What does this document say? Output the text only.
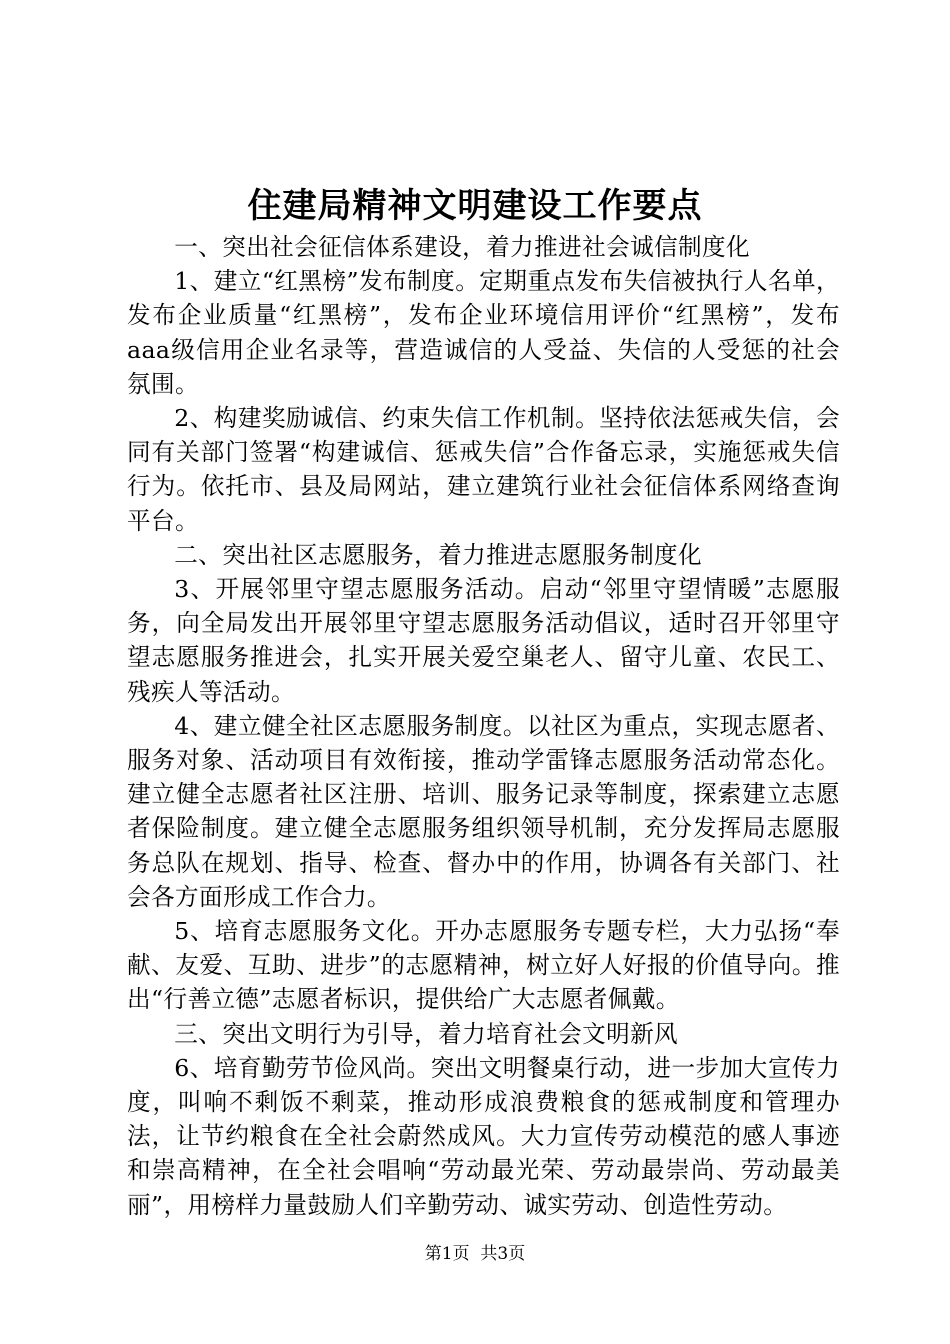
住建局精神文明建设工作要点

一、突出社会征信体系建设，着力推进社会诚信制度化

1、建立“红黑榜”发布制度。定期重点发布失信被执行人名单，发布企业质量“红黑榜”，发布企业环境信用评价“红黑榜”，发布aaa级信用企业名录等，营造诚信的人受益、失信的人受惩的社会氛围。

2、构建奖励诚信、约束失信工作机制。坚持依法惩戒失信，会同有关部门签署“构建诚信、惩戒失信”合作备忘录，实施惩戒失信行为。依托市、县及局网站，建立建筑行业社会征信体系网络查询平台。

二、突出社区志愿服务，着力推进志愿服务制度化

3、开展邻里守望志愿服务活动。启动“邻里守望情暖”志愿服务，向全局发出开展邻里守望志愿服务活动倡议，适时召开邻里守望志愿服务推进会，扎实开展关爱空巢老人、留守儿童、农民工、残疾人等活动。

4、建立健全社区志愿服务制度。以社区为重点，实现志愿者、服务对象、活动项目有效衔接，推动学雷锋志愿服务活动常态化。建立健全志愿者社区注册、培训、服务记录等制度，探索建立志愿者保险制度。建立健全志愿服务组织领导机制，充分发挥局志愿服务总队在规划、指导、检查、督办中的作用，协调各有关部门、社会各方面形成工作合力。

5、培育志愿服务文化。开办志愿服务专题专栏，大力弘扬“奉献、友爱、互助、进步”的志愿精神，树立好人好报的价值导向。推出“行善立德”志愿者标识，提供给广大志愿者佩戴。

三、突出文明行为引导，着力培育社会文明新风

6、培育勤劳节俭风尚。突出文明餐桌行动，进一步加大宣传力度，叫响不剩饭不剩菜，推动形成浪费粮食的惩戒制度和管理办法，让节约粮食在全社会蔚然成风。大力宣传劳动模范的感人事迹和崇高精神，在全社会唱响“劳动最光荣、劳动最崇尚、劳动最美丽”，用榜样力量鼓励人们辛勤劳动、诚实劳动、创造性劳动。

第1页 共3页
